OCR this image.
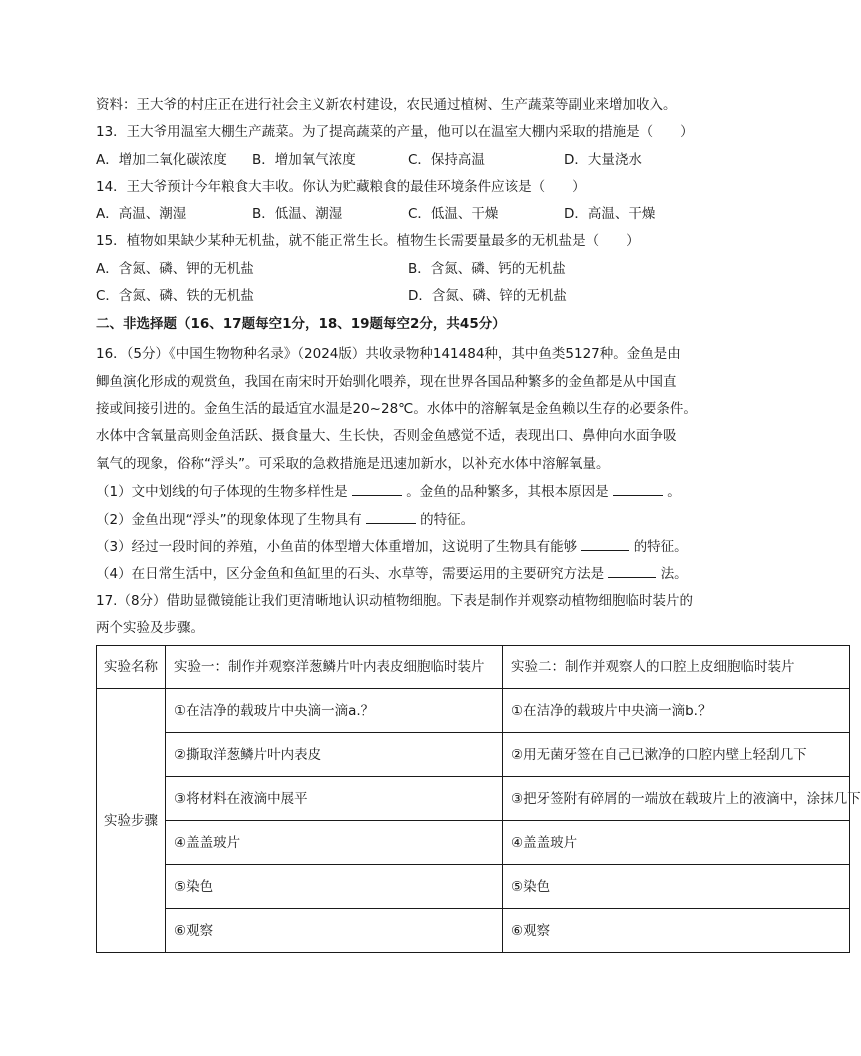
资料：王大爷的村庄正在进行社会主义新农村建设，农民通过植树、生产蔬菜等副业来增加收入。
13．王大爷用温室大棚生产蔬菜。为了提高蔬菜的产量，他可以在温室大棚内采取的措施是（　　）
A．增加二氧化碳浓度 B．增加氧气浓度	C．保持高温	D．大量浇水
14．王大爷预计今年粮食大丰收。你认为贮藏粮食的最佳环境条件应该是（　　）
A．高温、潮湿	B．低温、潮湿	C．低温、干燥	D．高温、干燥
15．植物如果缺少某种无机盐，就不能正常生长。植物生长需要量最多的无机盐是（　　）
A．含氮、磷、钾的无机盐	B．含氮、磷、钙的无机盐
C．含氮、磷、铁的无机盐	D．含氮、磷、锌的无机盐
二、非选择题（16、17题每空1分，18、19题每空2分，共45分）
16．（5分）《中国生物物种名录》（2024版）共收录物种141484种，其中鱼类5127种。金鱼是由
鲫鱼演化形成的观赏鱼，我国在南宋时开始驯化喂养，现在世界各国品种繁多的金鱼都是从中国直
接或间接引进的。金鱼生活的最适宜水温是20~28℃。水体中的溶解氧是金鱼赖以生存的必要条件。
水体中含氧量高则金鱼活跃、摄食量大、生长快，否则金鱼感觉不适，表现出口、鼻伸向水面争吸
氧气的现象，俗称“浮头”。可采取的急救措施是迅速加新水，以补充水体中溶解氧量。
（1）文中划线的句子体现的生物多样性是	。金鱼的品种繁多，其根本原因是	。
（2）金鱼出现“浮头”的现象体现了生物具有	的特征。
（3）经过一段时间的养殖，小鱼苗的体型增大体重增加，这说明了生物具有能够	的特征。
（4）在日常生活中，区分金鱼和鱼缸里的石头、水草等，需要运用的主要研究方法是	法。
17.（8分）借助显微镜能让我们更清晰地认识动植物细胞。下表是制作并观察动植物细胞临时装片的
两个实验及步骤。
实验名称	实验一：制作并观察洋葱鳞片叶内表皮细胞临时装片	实验二：制作并观察人的口腔上皮细胞临时装片
实验步骤	①在洁净的载玻片中央滴一滴a.？	①在洁净的载玻片中央滴一滴b.？
	②撕取洋葱鳞片叶内表皮	②用无菌牙签在自己已漱净的口腔内壁上轻刮几下
	③将材料在液滴中展平	③把牙签附有碎屑的一端放在载玻片上的液滴中，涂抹几下
	④盖盖玻片	④盖盖玻片
	⑤染色	⑤染色
	⑥观察	⑥观察
